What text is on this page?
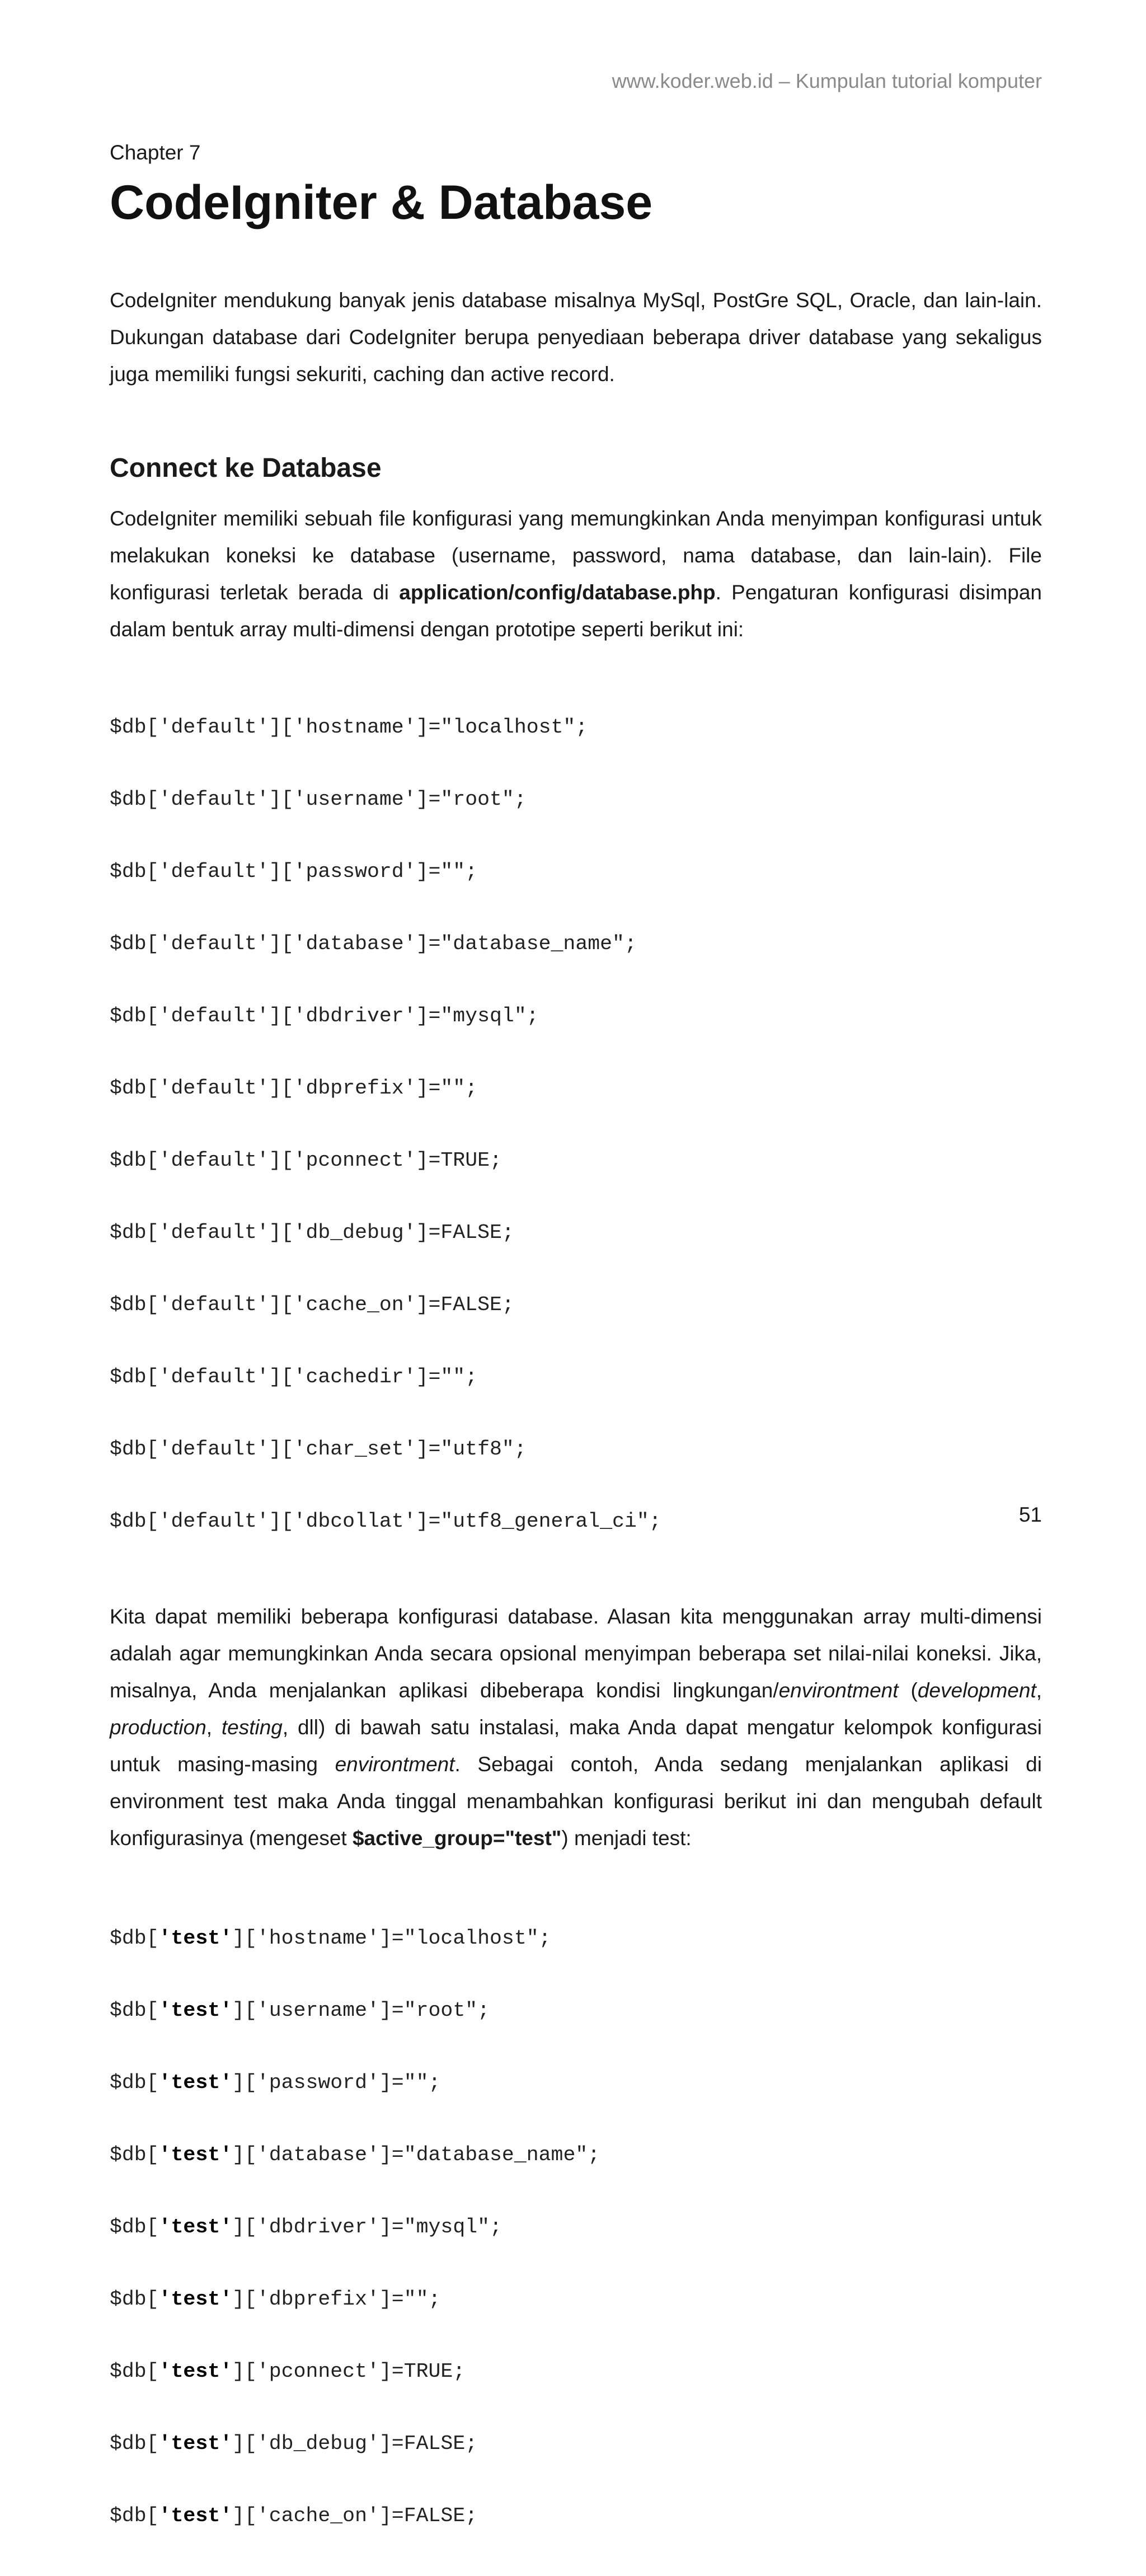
www.koder.web.id – Kumpulan tutorial komputer

Chapter 7

CodeIgniter & Database

CodeIgniter mendukung banyak jenis database misalnya MySql, PostGre SQL, Oracle, dan lain-lain. Dukungan database dari CodeIgniter berupa penyediaan beberapa driver database yang sekaligus juga memiliki fungsi sekuriti, caching dan active record.

Connect ke Database

CodeIgniter memiliki sebuah file konfigurasi yang memungkinkan Anda menyimpan konfigurasi untuk melakukan koneksi ke database (username, password, nama database, dan lain-lain). File konfigurasi terletak berada di application/config/database.php. Pengaturan konfigurasi disimpan dalam bentuk array multi-dimensi dengan prototipe seperti berikut ini:

$db['default']['hostname']="localhost";

$db['default']['username']="root";

$db['default']['password']="";

$db['default']['database']="database_name";

$db['default']['dbdriver']="mysql";

$db['default']['dbprefix']="";

$db['default']['pconnect']=TRUE;

$db['default']['db_debug']=FALSE;

$db['default']['cache_on']=FALSE;

$db['default']['cachedir']="";

$db['default']['char_set']="utf8";

$db['default']['dbcollat']="utf8_general_ci";

Kita dapat memiliki beberapa konfigurasi database. Alasan kita menggunakan array multi-dimensi adalah agar memungkinkan Anda secara opsional menyimpan beberapa set nilai-nilai koneksi. Jika, misalnya, Anda menjalankan aplikasi dibeberapa kondisi lingkungan/environtment (development, production, testing, dll) di bawah satu instalasi, maka Anda dapat mengatur kelompok konfigurasi untuk masing-masing environtment. Sebagai contoh, Anda sedang menjalankan aplikasi di environment test maka Anda tinggal menambahkan konfigurasi berikut ini dan mengubah default konfigurasinya (mengeset $active_group="test") menjadi test:

$db['test']['hostname']="localhost";

$db['test']['username']="root";

$db['test']['password']="";

$db['test']['database']="database_name";

$db['test']['dbdriver']="mysql";

$db['test']['dbprefix']="";

$db['test']['pconnect']=TRUE;

$db['test']['db_debug']=FALSE;

$db['test']['cache_on']=FALSE;

51
